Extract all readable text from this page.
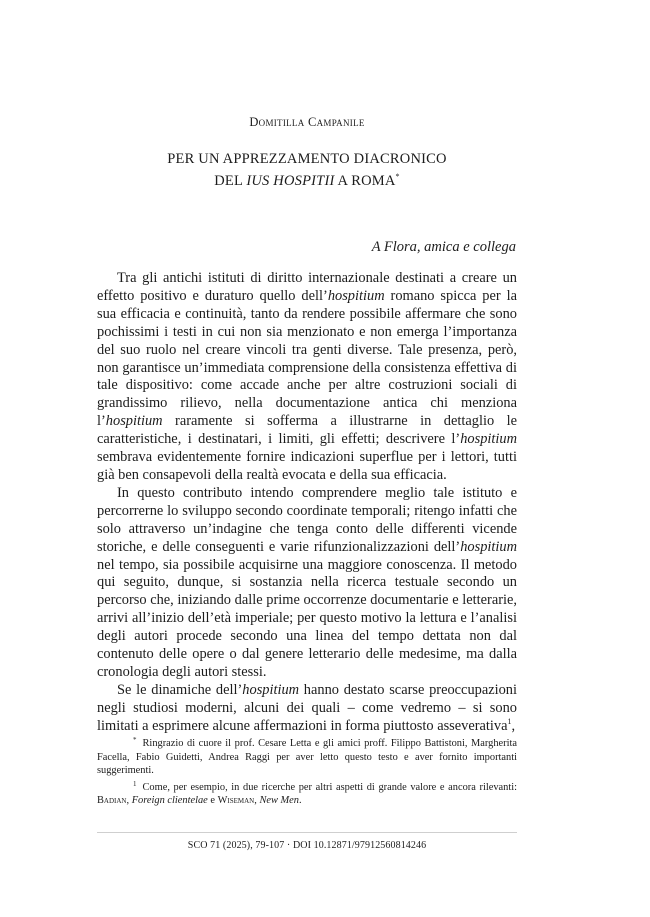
Domitilla Campanile
PER UN APPREZZAMENTO DIACRONICO
DEL IUS HOSPITII A ROMA*
A Flora, amica e collega

Tra gli antichi istituti di diritto internazionale destinati a creare un effetto positivo e duraturo quello dell’hospitium romano spicca per la sua efficacia e continuità, tanto da rendere possibile affermare che sono pochissimi i testi in cui non sia menzionato e non emerga l’importanza del suo ruolo nel creare vincoli tra genti diverse. Tale presenza, però, non garantisce un’immediata comprensione della consistenza effettiva di tale dispositivo: come accade anche per altre costruzioni sociali di grandissimo rilievo, nella documentazione antica chi menziona l’hospitium raramente si sofferma a illustrarne in dettaglio le caratteristiche, i destinatari, i limiti, gli effetti; descrivere l’hospitium sembrava evidentemente fornire indicazioni superflue per i lettori, tutti già ben consapevoli della realtà evocata e della sua efficacia.

In questo contributo intendo comprendere meglio tale istituto e percorrerne lo sviluppo secondo coordinate temporali; ritengo infatti che solo attraverso un’indagine che tenga conto delle differenti vicende storiche, e delle conseguenti e varie rifunzionalizzazioni dell’hospitium nel tempo, sia possibile acquisirne una maggiore conoscenza. Il metodo qui seguito, dunque, si sostanzia nella ricerca testuale secondo un percorso che, iniziando dalle prime occorrenze documentarie e letterarie, arrivi all’inizio dell’età imperiale; per questo motivo la lettura e l’analisi degli autori procede secondo una linea del tempo dettata non dal contenuto delle opere o dal genere letterario delle medesime, ma dalla cronologia degli autori stessi.

Se le dinamiche dell’hospitium hanno destato scarse preoccupazioni negli studiosi moderni, alcuni dei quali – come vedremo – si sono limitati a esprimere alcune affermazioni in forma piuttosto asseverativa$^1$,

* Ringrazio di cuore il prof. Cesare Letta e gli amici proff. Filippo Battistoni, Margherita Facella, Fabio Guidetti, Andrea Raggi per aver letto questo testo e aver fornito importanti suggerimenti.

1 Come, per esempio, in due ricerche per altri aspetti di grande valore e ancora rilevanti: Badian, Foreign clientelae e Wiseman, New Men.

SCO 71 (2025), 79-107 · DOI 10.12871/97912560814246
